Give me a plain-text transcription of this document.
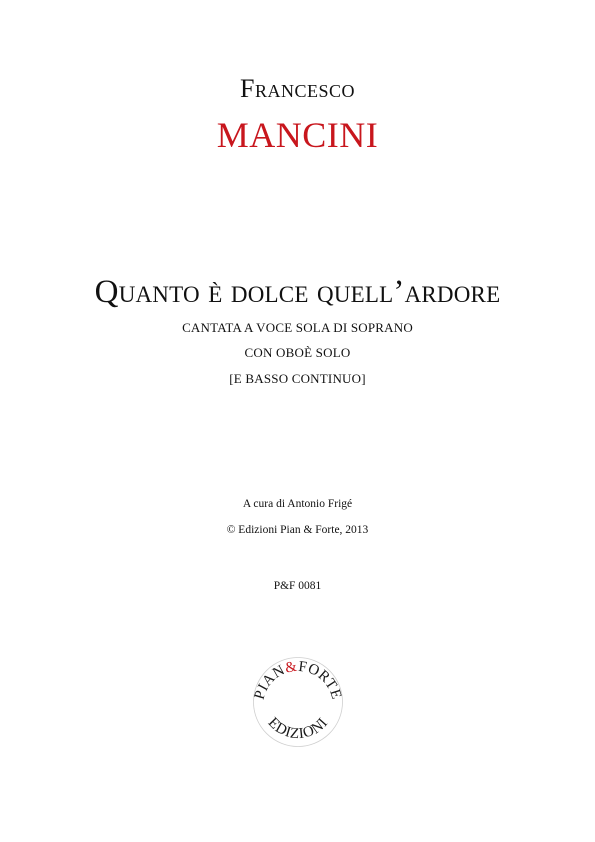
Francesco
MANCINI
Quanto è dolce quell’ardore
CANTATA A VOCE SOLA DI SOPRANO
CON OBOÈ SOLO
[E BASSO CONTINUO]
A cura di Antonio Frigé
© Edizioni Pian & Forte, 2013
P&F 0081
PIAN&FORTE
EDIZIONI
